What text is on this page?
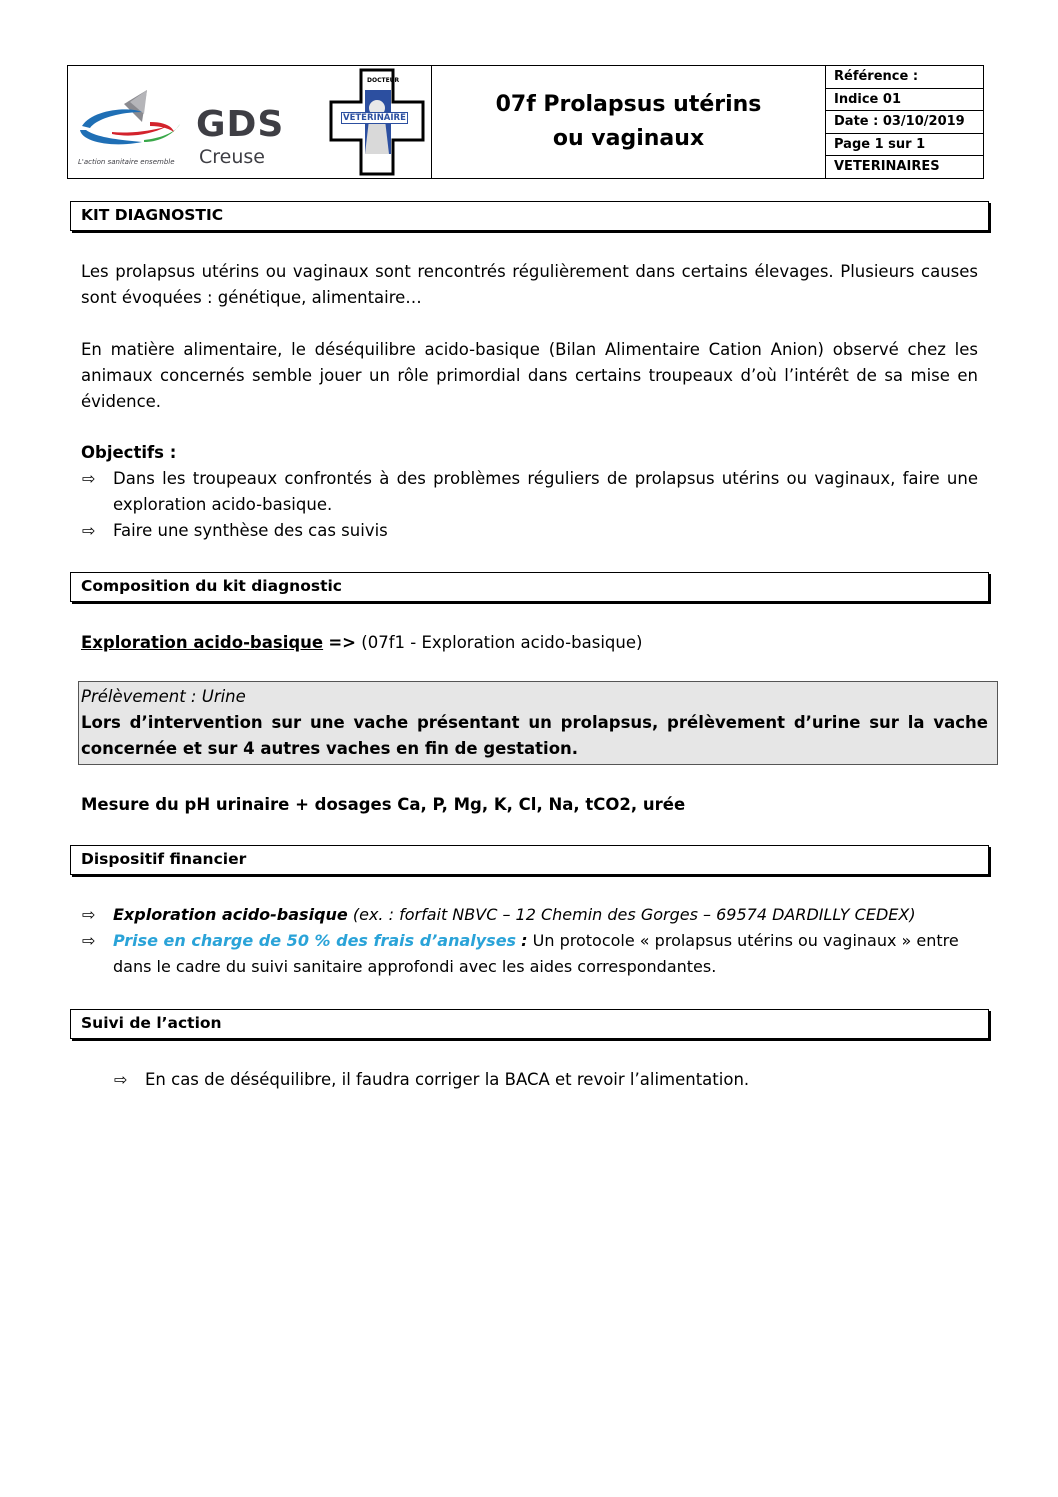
GDS
Creuse
L'action sanitaire ensemble
DOCTEUR
VETERINAIRE
07f Prolapsus utérins ou vaginaux
Référence :
Indice 01
Date : 03/10/2019
Page 1 sur 1
VETERINAIRES
KIT DIAGNOSTIC
Les prolapsus utérins ou vaginaux sont rencontrés régulièrement dans certains élevages. Plusieurs causes sont évoquées : génétique, alimentaire…
En matière alimentaire, le déséquilibre acido-basique (Bilan Alimentaire Cation Anion) observé chez les animaux concernés semble jouer un rôle primordial dans certains troupeaux d’où l’intérêt de sa mise en évidence.
Objectifs :
⇨ Dans les troupeaux confrontés à des problèmes réguliers de prolapsus utérins ou vaginaux, faire une exploration acido-basique.
⇨ Faire une synthèse des cas suivis
Composition du kit diagnostic
Exploration acido-basique => (07f1 - Exploration acido-basique)
Prélèvement : Urine
Lors d’intervention sur une vache présentant un prolapsus, prélèvement d’urine sur la vache concernée et sur 4 autres vaches en fin de gestation.
Mesure du pH urinaire + dosages Ca, P, Mg, K, Cl, Na, tCO2, urée
Dispositif financier
⇨ Exploration acido-basique (ex. : forfait NBVC – 12 Chemin des Gorges – 69574 DARDILLY CEDEX)
⇨ Prise en charge de 50 % des frais d’analyses : Un protocole « prolapsus utérins ou vaginaux » entre
dans le cadre du suivi sanitaire approfondi avec les aides correspondantes.
Suivi de l’action
⇨ En cas de déséquilibre, il faudra corriger la BACA et revoir l’alimentation.
